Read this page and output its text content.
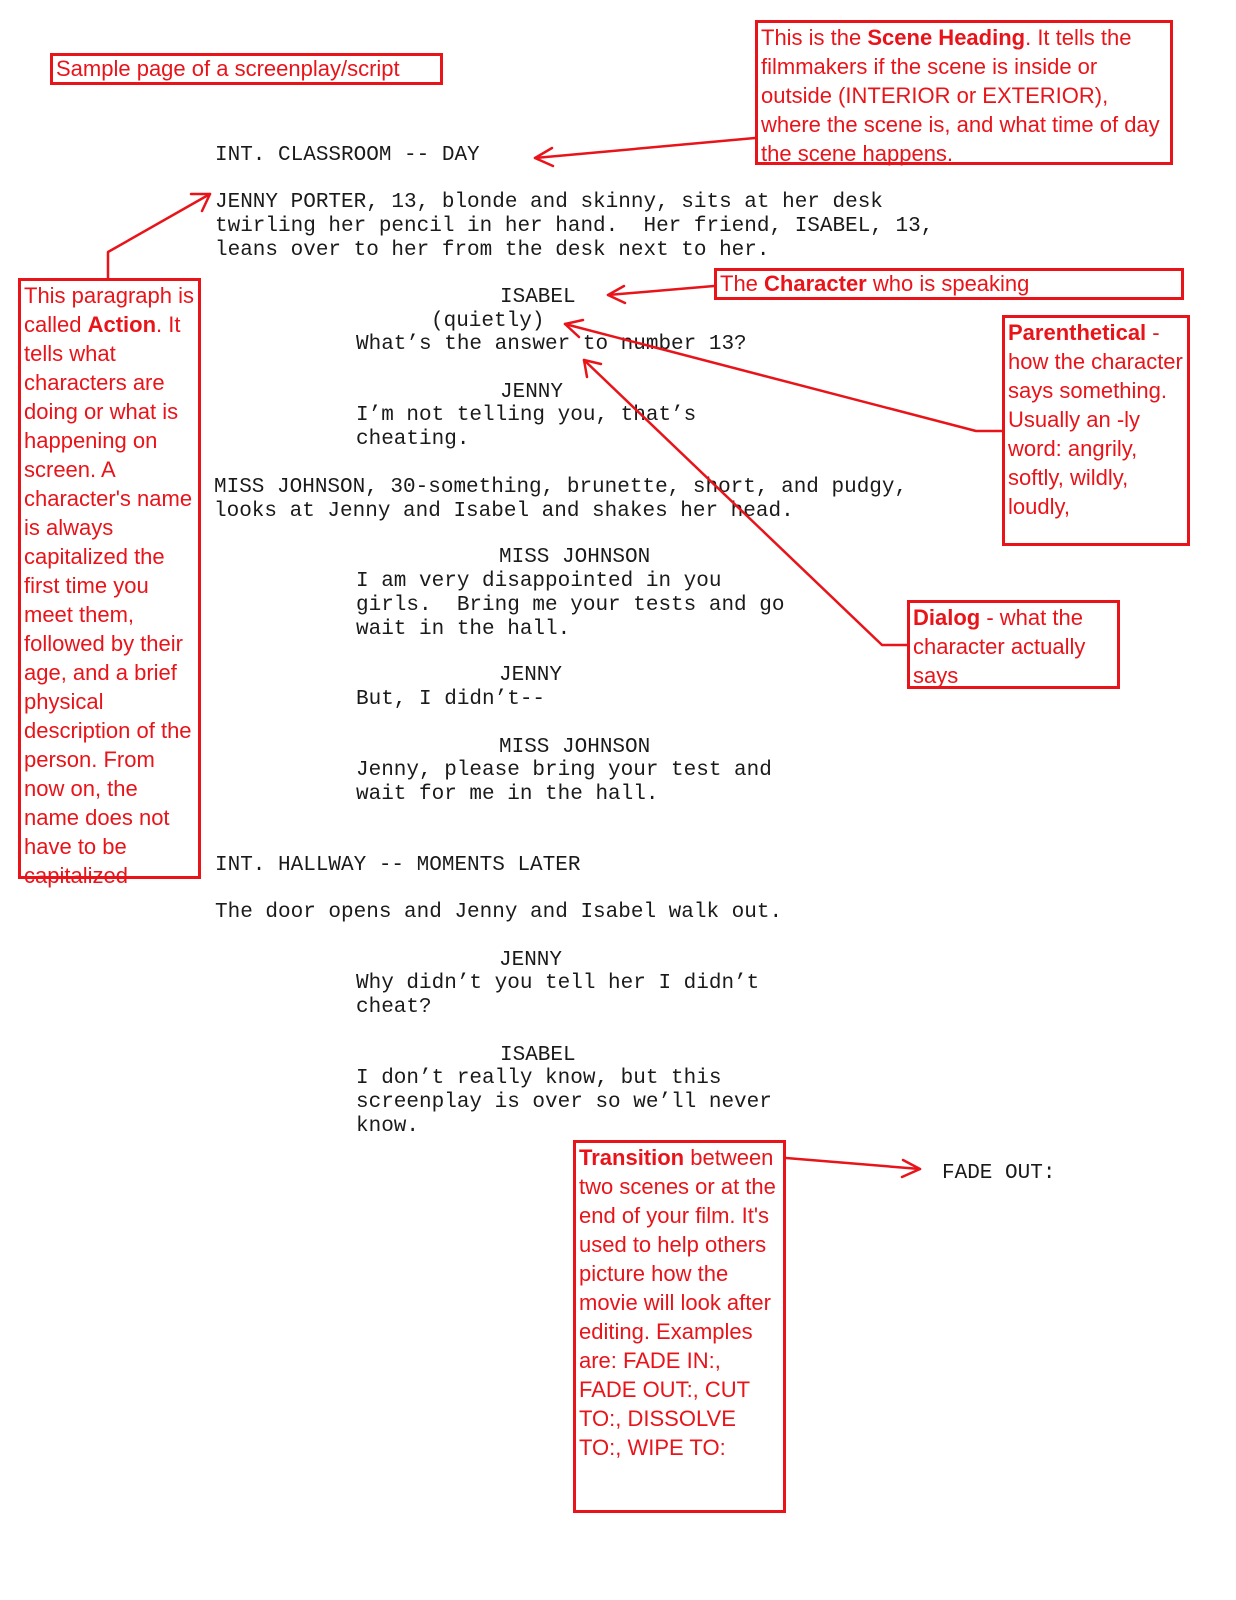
Sample page of a screenplay/script
INT. CLASSROOM -- DAY
JENNY PORTER, 13, blonde and skinny, sits at her desk
twirling her pencil in her hand.  Her friend, ISABEL, 13,
leans over to her from the desk next to her.
ISABEL
(quietly)
What’s the answer to number 13?
JENNY
I’m not telling you, that’s
cheating.
MISS JOHNSON, 30-something, brunette, short, and pudgy,
looks at Jenny and Isabel and shakes her head.
MISS JOHNSON
I am very disappointed in you
girls.  Bring me your tests and go
wait in the hall.
JENNY
But, I didn’t--
MISS JOHNSON
Jenny, please bring your test and
wait for me in the hall.
INT. HALLWAY -- MOMENTS LATER
The door opens and Jenny and Isabel walk out.
JENNY
Why didn’t you tell her I didn’t
cheat?
ISABEL
I don’t really know, but this
screenplay is over so we’ll never
know.
FADE OUT:
This is the Scene Heading. It tells the filmmakers if the scene is inside or outside (INTERIOR or EXTERIOR), where the scene is, and what time of day the scene happens.
This paragraph is called Action. It tells what characters are doing or what is happening on screen. A character's name is always capitalized the first time you meet them, followed by their age, and a brief physical description of the person. From now on, the name does not have to be capitalized
The Character who is speaking
Parenthetical - how the character says something. Usually an -ly word: angrily, softly, wildly, loudly,
Dialog - what the character actually says
Transition between two scenes or at the end of your film. It's used to help others picture how the movie will look after editing. Examples are: FADE IN:, FADE OUT:, CUT TO:, DISSOLVE TO:, WIPE TO:
